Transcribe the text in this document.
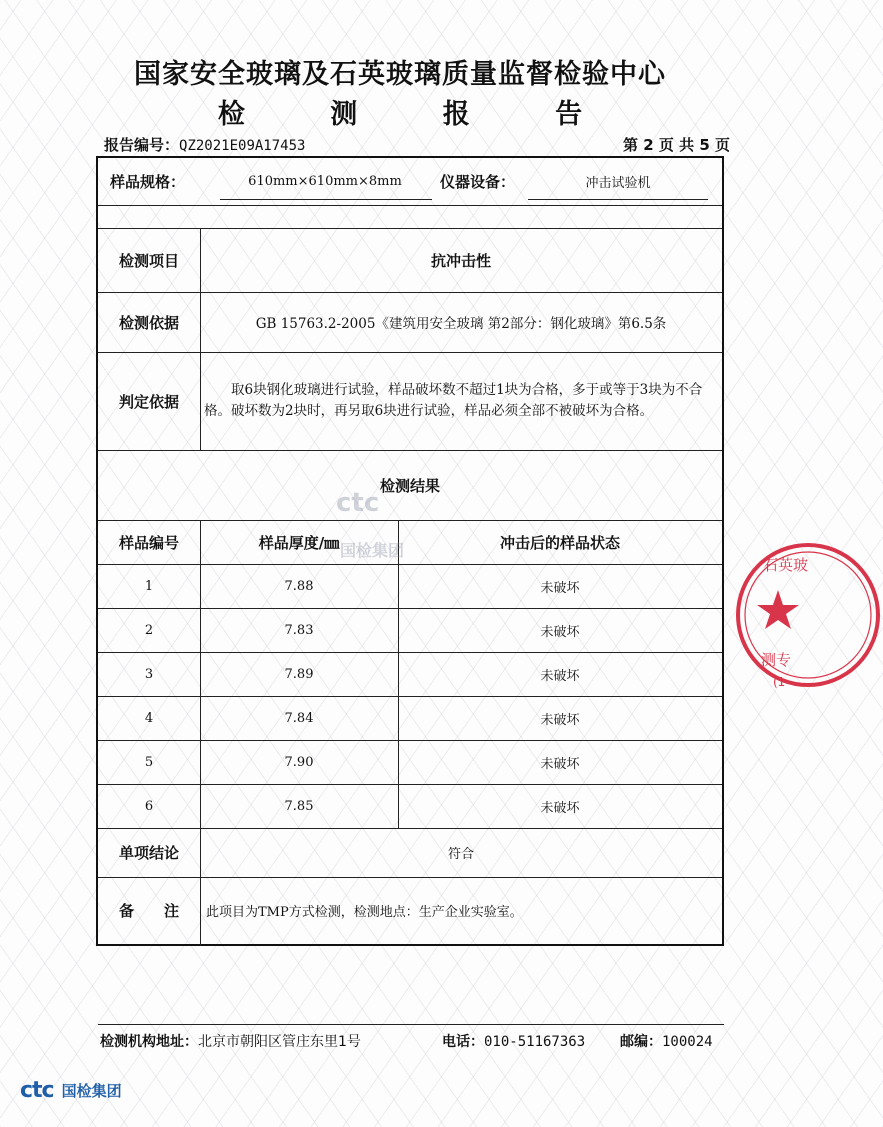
国家安全玻璃及石英玻璃质量监督检验中心
检 测 报 告
报告编号：QZ2021E09A17453	第 2 页 共 5 页
样品规格：	610mm×610mm×8mm	仪器设备：	冲击试验机
检测项目	抗冲击性
检测依据	GB 15763.2-2005《建筑用安全玻璃 第2部分：钢化玻璃》第6.5条
判定依据
取6块钢化玻璃进行试验，样品破坏数不超过1块为合格，多于或等于3块为不合格。破坏数为2块时，再另取6块进行试验，样品必须全部不被破坏为合格。
检测结果
样品编号	样品厚度/㎜	冲击后的样品状态
1	7.88	未破坏
2	7.83	未破坏
3	7.89	未破坏
4	7.84	未破坏
5	7.90	未破坏
6	7.85	未破坏
单项结论	符合
备　　注	此项目为TMP方式检测，检测地点：生产企业实验室。
ctc
国检集团
石英玻
测专
(1
检测机构地址：北京市朝阳区管庄东里1号	电话：010-51167363 邮编：100024
ctc 国检集团
